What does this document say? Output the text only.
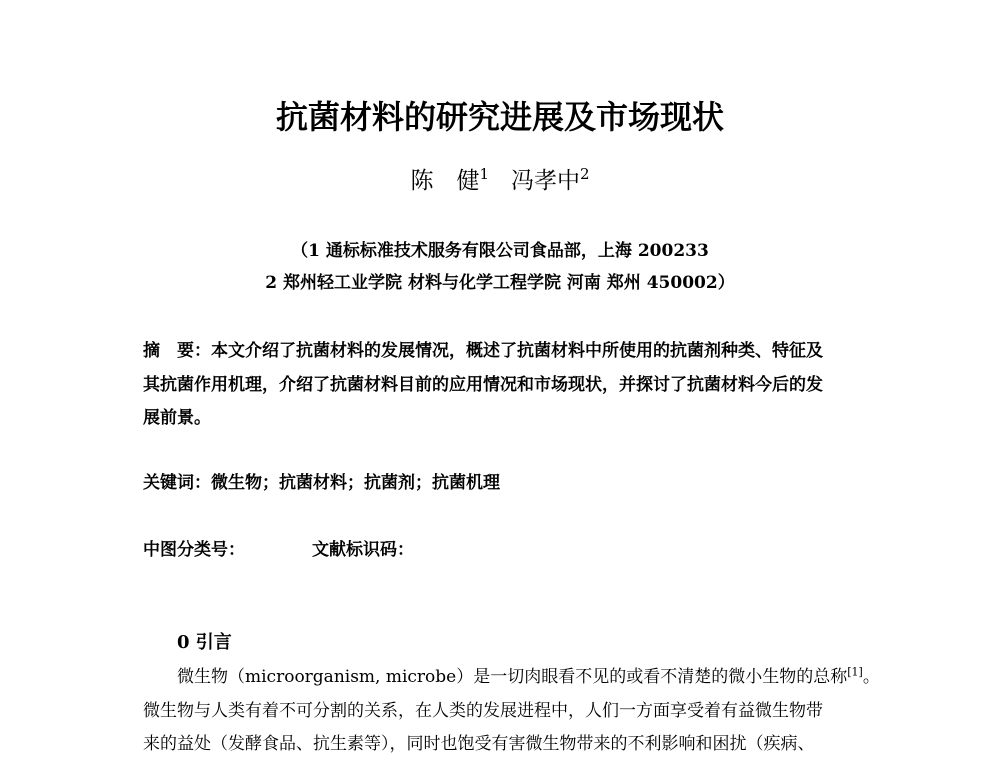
抗菌材料的研究进展及市场现状
陈　健$^1$ 冯孝中$^2$
（1 通标标准技术服务有限公司食品部，上海 200233
2 郑州轻工业学院 材料与化学工程学院 河南 郑州 450002）
摘　要：本文介绍了抗菌材料的发展情况，概述了抗菌材料中所使用的抗菌剂种类、特征及
其抗菌作用机理，介绍了抗菌材料目前的应用情况和市场现状，并探讨了抗菌材料今后的发
展前景。
关键词：微生物；抗菌材料；抗菌剂；抗菌机理
中图分类号：	文献标识码：
0 引言
微生物（microorganism, microbe）是一切肉眼看不见的或看不清楚的微小生物的总称[1]。
微生物与人类有着不可分割的关系，在人类的发展进程中，人们一方面享受着有益微生物带
来的益处（发酵食品、抗生素等），同时也饱受有害微生物带来的不利影响和困扰（疾病、
